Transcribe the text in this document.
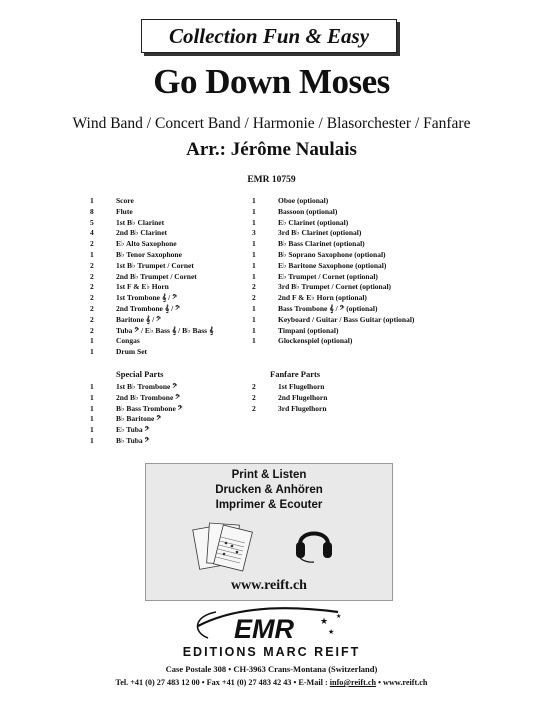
Collection Fun & Easy
Go Down Moses
Wind Band / Concert Band / Harmonie / Blasorchester / Fanfare
Arr.: Jérôme Naulais
EMR 10759
1	Score
8	Flute
5	1st B♭ Clarinet
4	2nd B♭ Clarinet
2	E♭ Alto Saxophone
1	B♭ Tenor Saxophone
2	1st B♭ Trumpet / Cornet
2	2nd B♭ Trumpet / Cornet
2	1st F & E♭ Horn
2	1st Trombone 𝄞 / 𝄢
2	2nd Trombone 𝄞 / 𝄢
2	Baritone 𝄞 / 𝄢
2	Tuba 𝄢 / E♭ Bass 𝄞 / B♭ Bass 𝄞
1	Congas
1	Drum Set
1	Oboe (optional)
1	Bassoon (optional)
1	E♭ Clarinet (optional)
3	3rd B♭ Clarinet (optional)
1	B♭ Bass Clarinet (optional)
1	B♭ Soprano Saxophone (optional)
1	E♭ Baritone Saxophone (optional)
1	E♭ Trumpet / Cornet (optional)
2	3rd B♭ Trumpet / Cornet (optional)
2	2nd F & E♭ Horn (optional)
1	Bass Trombone 𝄞 / 𝄢 (optional)
1	Keyboard / Guitar / Bass Guitar (optional)
1	Timpani (optional)
1	Glockenspiel (optional)
Special Parts	Fanfare Parts
1	1st B♭ Trombone 𝄢
1	2nd B♭ Trombone 𝄢
1	B♭ Bass Trombone 𝄢
1	B♭ Baritone 𝄢
1	E♭ Tuba 𝄢
1	B♭ Tuba 𝄢
2	1st Flugelhorn
2	2nd Flugelhorn
2	3rd Flugelhorn
Print & Listen
Drucken & Anhören
Imprimer & Ecouter
www.reift.ch
EMR	★
★
★
EDITIONS MARC REIFT
Case Postale 308 • CH-3963 Crans-Montana (Switzerland)
Tel. +41 (0) 27 483 12 00 • Fax +41 (0) 27 483 42 43 • E-Mail : info@reift.ch • www.reift.ch
